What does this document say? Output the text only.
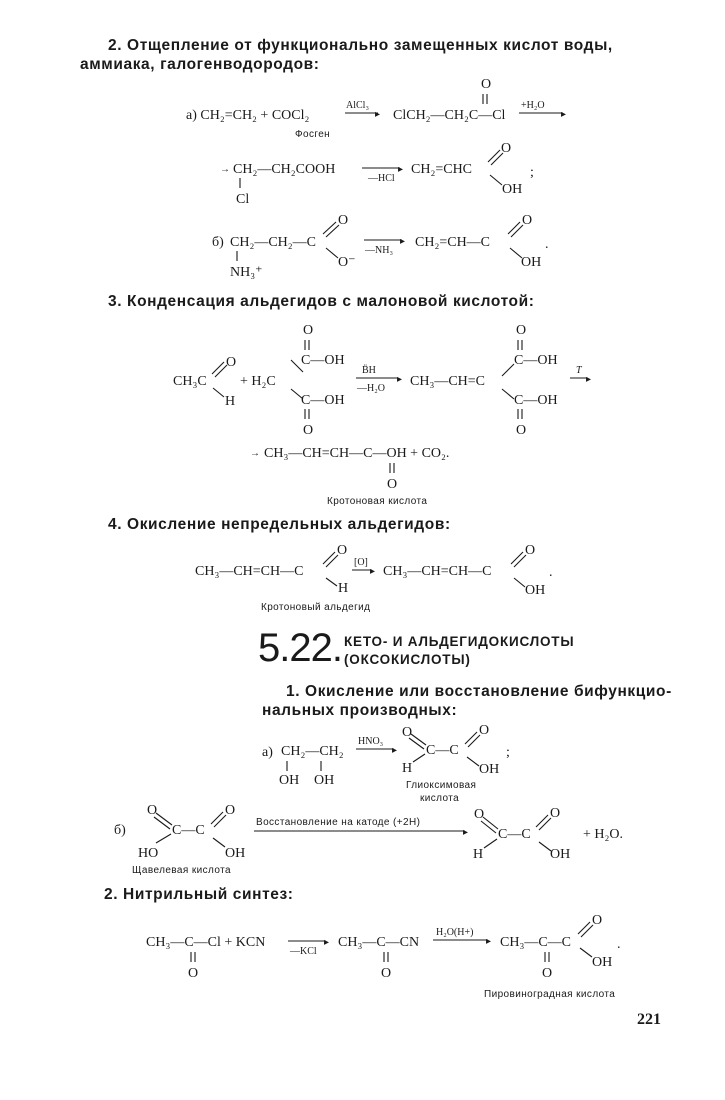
2. Отщепление от функционально замещенных кислот воды,
аммиака, галогенводородов:
3. Конденсация альдегидов с малоновой кислотой:
4. Окисление непредельных альдегидов:
5.22. КЕТО- И АЛЬДЕГИДОКИСЛОТЫ
(ОКСОКИСЛОТЫ)
1. Окисление или восстановление бифункцио-
нальных производных:
2. Нитрильный синтез:
221
а) CH₂=CH₂ + COCl₂
Фосген
AlCl₃
▸ ClCH₂—CH₂C—Cl
O
+H₂O
▸
→ CH₂—CH₂COOH
Cl
—HCl
▸ CH₂=CHC
O
OH
;
б) CH₂—CH₂—C
NH₃⁺
O
O⁻
—NH₃
▸ CH₂=CH—C
O
OH
.
CH₃C
O
H
+ H₂C
O
C—OH
C—OH
O
B̈H
—H₂O
▸ CH₃—CH=C
O
C—OH
C—OH
O
T
▸
→ CH₃—CH=CH—C—OH + CO₂.
O
Кротоновая кислота
CH₃—CH=CH—C
O
H
[O]
▸ CH₃—CH=CH—C
O
OH
.
Кротоновый альдегид
а) CH₂—CH₂
OH OH
HNO₃
▸
O
C—C
H
O
OH
;
Глиоксимовая
кислота
б)
O
C—C
HO
O
OH
Щавелевая кислота
Восстановление на катоде (+2H)
▸
O
C—C
H
O
OH
+ H₂O.
CH₃—C—Cl + KCN
O
—KCl
▸ CH₃—C—CN
O
H₂O(H+)
▸ CH₃—C—C
O
O
OH
.
Пировиноградная кислота
